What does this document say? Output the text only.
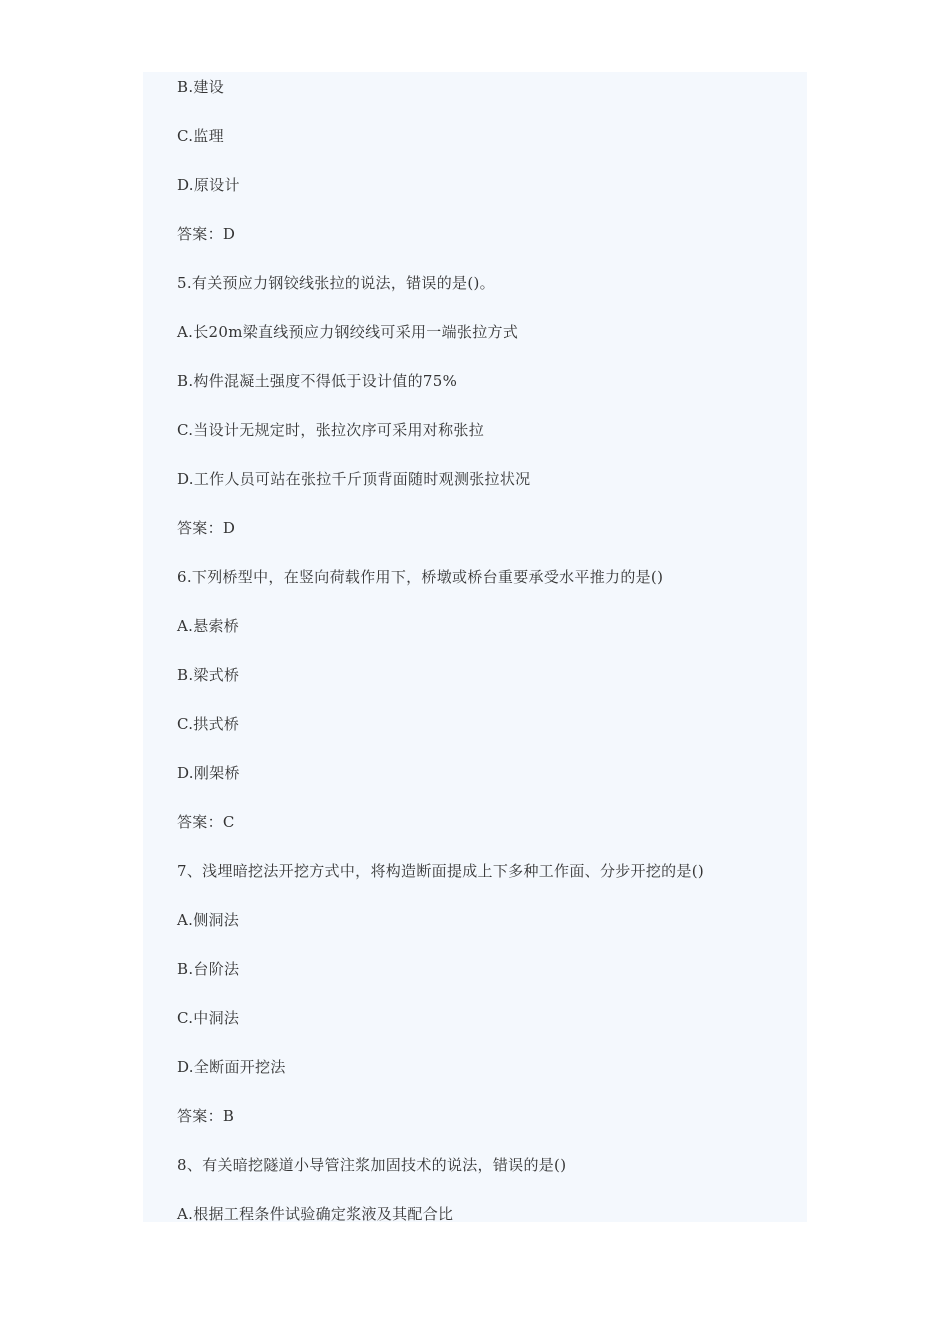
B.建设
C.监理
D.原设计
答案：D
5.有关预应力钢铰线张拉的说法，错误的是()。
A.长20m梁直线预应力钢绞线可采用一端张拉方式
B.构件混凝土强度不得低于设计值的75%
C.当设计无规定时，张拉次序可采用对称张拉
D.工作人员可站在张拉千斤顶背面随时观测张拉状况
答案：D
6.下列桥型中，在竖向荷载作用下，桥墩或桥台重要承受水平推力的是()
A.悬索桥
B.梁式桥
C.拱式桥
D.刚架桥
答案：C
7、浅埋暗挖法开挖方式中，将构造断面提成上下多种工作面、分步开挖的是()
A.侧洞法
B.台阶法
C.中洞法
D.全断面开挖法
答案：B
8、有关暗挖隧道小导管注浆加固技术的说法，错误的是()
A.根据工程条件试验确定浆液及其配合比
